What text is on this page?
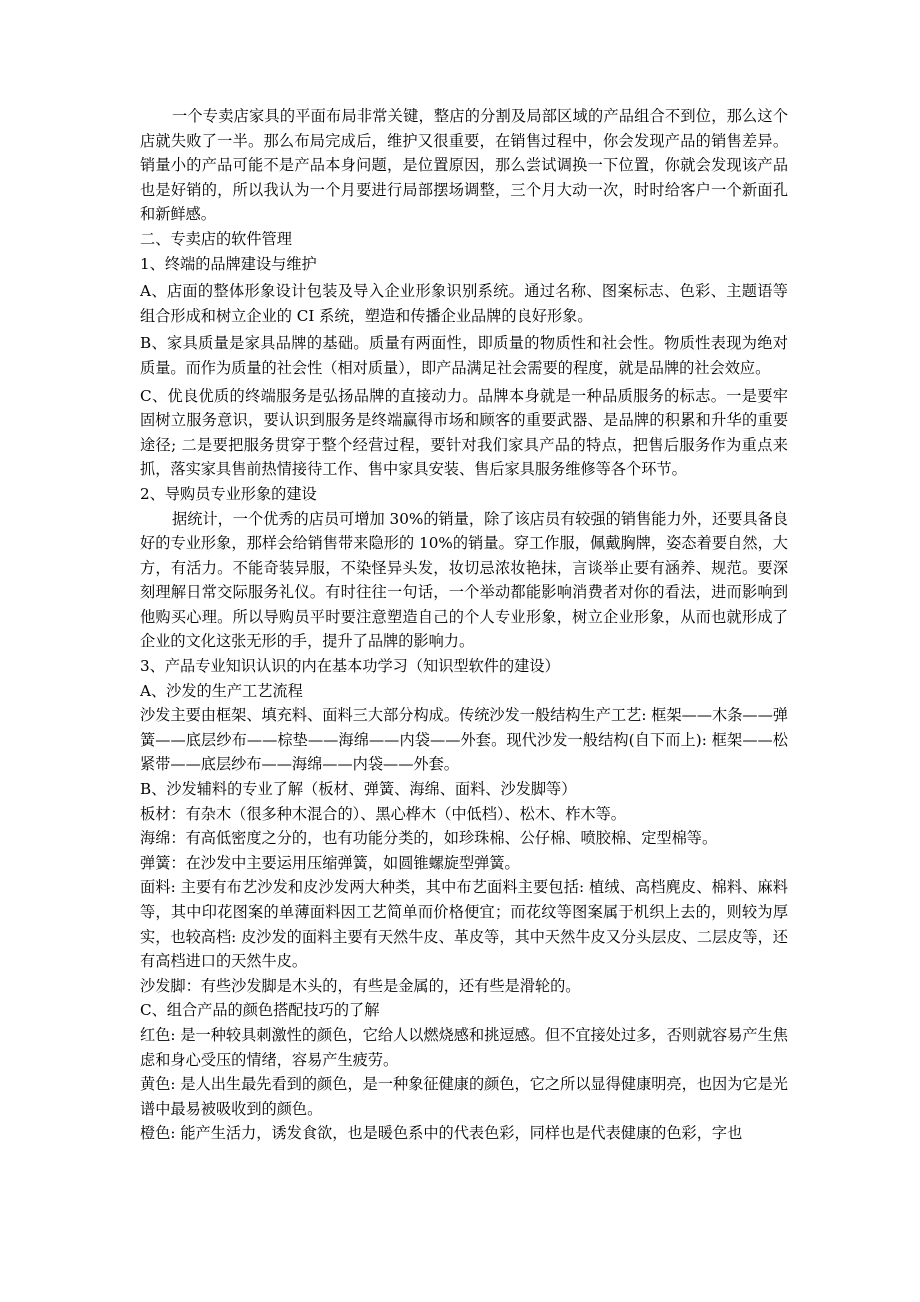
一个专卖店家具的平面布局非常关键，整店的分割及局部区域的产品组合不到位，那么这个店就失败了一半。那么布局完成后，维护又很重要，在销售过程中，你会发现产品的销售差异。销量小的产品可能不是产品本身问题，是位置原因，那么尝试调换一下位置，你就会发现该产品也是好销的，所以我认为一个月要进行局部摆场调整，三个月大动一次，时时给客户一个新面孔和新鲜感。

二、专卖店的软件管理

1、终端的品牌建设与维护

A、店面的整体形象设计包装及导入企业形象识别系统。通过名称、图案标志、色彩、主题语等组合形成和树立企业的 CI 系统，塑造和传播企业品牌的良好形象。

B、家具质量是家具品牌的基础。质量有两面性，即质量的物质性和社会性。物质性表现为绝对质量。而作为质量的社会性（相对质量），即产品满足社会需要的程度，就是品牌的社会效应。

C、优良优质的终端服务是弘扬品牌的直接动力。品牌本身就是一种品质服务的标志。一是要牢固树立服务意识，要认识到服务是终端赢得市场和顾客的重要武器、是品牌的积累和升华的重要途径; 二是要把服务贯穿于整个经营过程，要针对我们家具产品的特点，把售后服务作为重点来抓，落实家具售前热情接待工作、售中家具安装、售后家具服务维修等各个环节。

2、导购员专业形象的建设

据统计，一个优秀的店员可增加 30%的销量，除了该店员有较强的销售能力外，还要具备良好的专业形象，那样会给销售带来隐形的 10%的销量。穿工作服，佩戴胸牌，姿态着要自然，大方，有活力。不能奇装异服，不染怪异头发，妆切忌浓妆艳抹，言谈举止要有涵养、规范。要深刻理解日常交际服务礼仪。有时往往一句话，一个举动都能影响消费者对你的看法，进而影响到他购买心理。所以导购员平时要注意塑造自己的个人专业形象，树立企业形象，从而也就形成了企业的文化这张无形的手，提升了品牌的影响力。

3、产品专业知识认识的内在基本功学习（知识型软件的建设）

A、沙发的生产工艺流程

沙发主要由框架、填充料、面料三大部分构成。传统沙发一般结构生产工艺: 框架——木条——弹簧——底层纱布——棕垫——海绵——内袋——外套。现代沙发一般结构(自下而上): 框架——松紧带——底层纱布——海绵——内袋——外套。

B、沙发辅料的专业了解（板材、弹簧、海绵、面料、沙发脚等）

板材：有杂木（很多种木混合的）、黑心桦木（中低档）、松木、柞木等。

海绵：有高低密度之分的，也有功能分类的，如珍珠棉、公仔棉、喷胶棉、定型棉等。

弹簧：在沙发中主要运用压缩弹簧，如圆锥螺旋型弹簧。

面料: 主要有布艺沙发和皮沙发两大种类，其中布艺面料主要包括: 植绒、高档麂皮、棉料、麻料等，其中印花图案的单薄面料因工艺简单而价格便宜；而花纹等图案属于机织上去的，则较为厚实，也较高档: 皮沙发的面料主要有天然牛皮、革皮等，其中天然牛皮又分头层皮、二层皮等，还有高档进口的天然牛皮。

沙发脚：有些沙发脚是木头的，有些是金属的，还有些是滑轮的。

C、组合产品的颜色搭配技巧的了解

红色: 是一种较具刺激性的颜色，它给人以燃烧感和挑逗感。但不宜接处过多，否则就容易产生焦虑和身心受压的情绪，容易产生疲劳。

黄色: 是人出生最先看到的颜色，是一种象征健康的颜色，它之所以显得健康明亮，也因为它是光谱中最易被吸收到的颜色。

橙色: 能产生活力，诱发食欲，也是暖色系中的代表色彩，同样也是代表健康的色彩，字也
